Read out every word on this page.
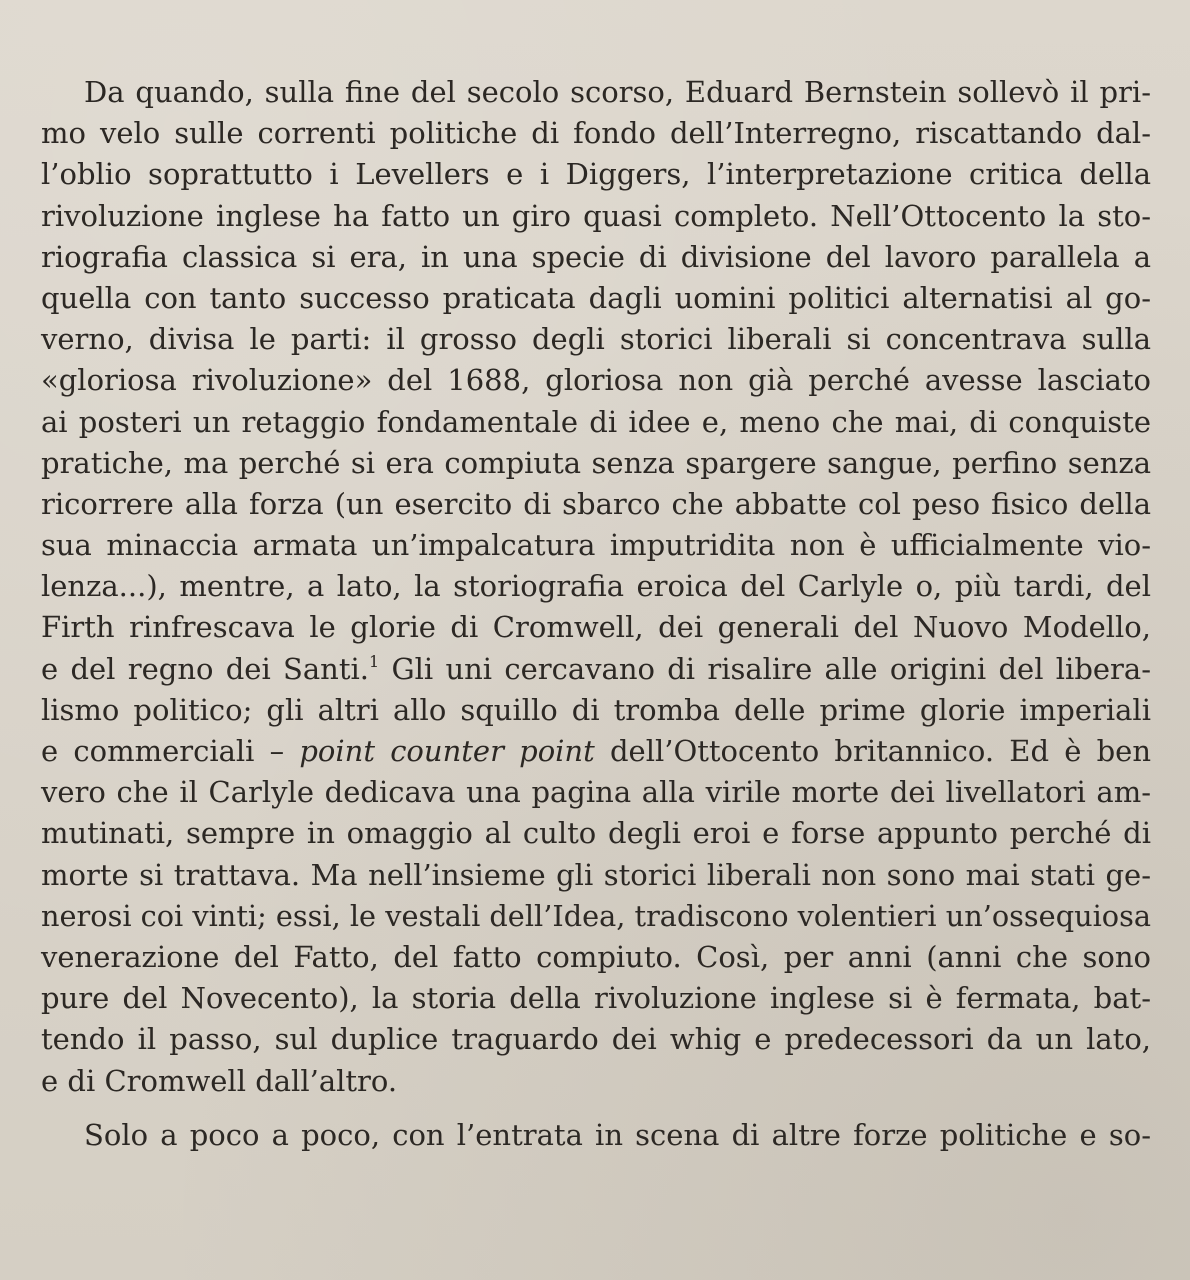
Da quando, sulla fine del secolo scorso, Eduard Bernstein sollevò il pri-
mo velo sulle correnti politiche di fondo dell’Interregno, riscattando dal-
l’oblio soprattutto i Levellers e i Diggers, l’interpretazione critica della
rivoluzione inglese ha fatto un giro quasi completo. Nell’Ottocento la sto-
riografia classica si era, in una specie di divisione del lavoro parallela a
quella con tanto successo praticata dagli uomini politici alternatisi al go-
verno, divisa le parti: il grosso degli storici liberali si concentrava sulla
«gloriosa rivoluzione» del 1688, gloriosa non già perché avesse lasciato
ai posteri un retaggio fondamentale di idee e, meno che mai, di conquiste
pratiche, ma perché si era compiuta senza spargere sangue, perfino senza
ricorrere alla forza (un esercito di sbarco che abbatte col peso fisico della
sua minaccia armata un’impalcatura imputridita non è ufficialmente vio-
lenza...), mentre, a lato, la storiografia eroica del Carlyle o, più tardi, del
Firth rinfrescava le glorie di Cromwell, dei generali del Nuovo Modello,
e del regno dei Santi.$^1$ Gli uni cercavano di risalire alle origini del libera-
lismo politico; gli altri allo squillo di tromba delle prime glorie imperiali
e commerciali – point counter point dell’Ottocento britannico. Ed è ben
vero che il Carlyle dedicava una pagina alla virile morte dei livellatori am-
mutinati, sempre in omaggio al culto degli eroi e forse appunto perché di
morte si trattava. Ma nell’insieme gli storici liberali non sono mai stati ge-
nerosi coi vinti; essi, le vestali dell’Idea, tradiscono volentieri un’ossequiosa
venerazione del Fatto, del fatto compiuto. Così, per anni (anni che sono
pure del Novecento), la storia della rivoluzione inglese si è fermata, bat-
tendo il passo, sul duplice traguardo dei whig e predecessori da un lato,
e di Cromwell dall’altro.
Solo a poco a poco, con l’entrata in scena di altre forze politiche e so-
